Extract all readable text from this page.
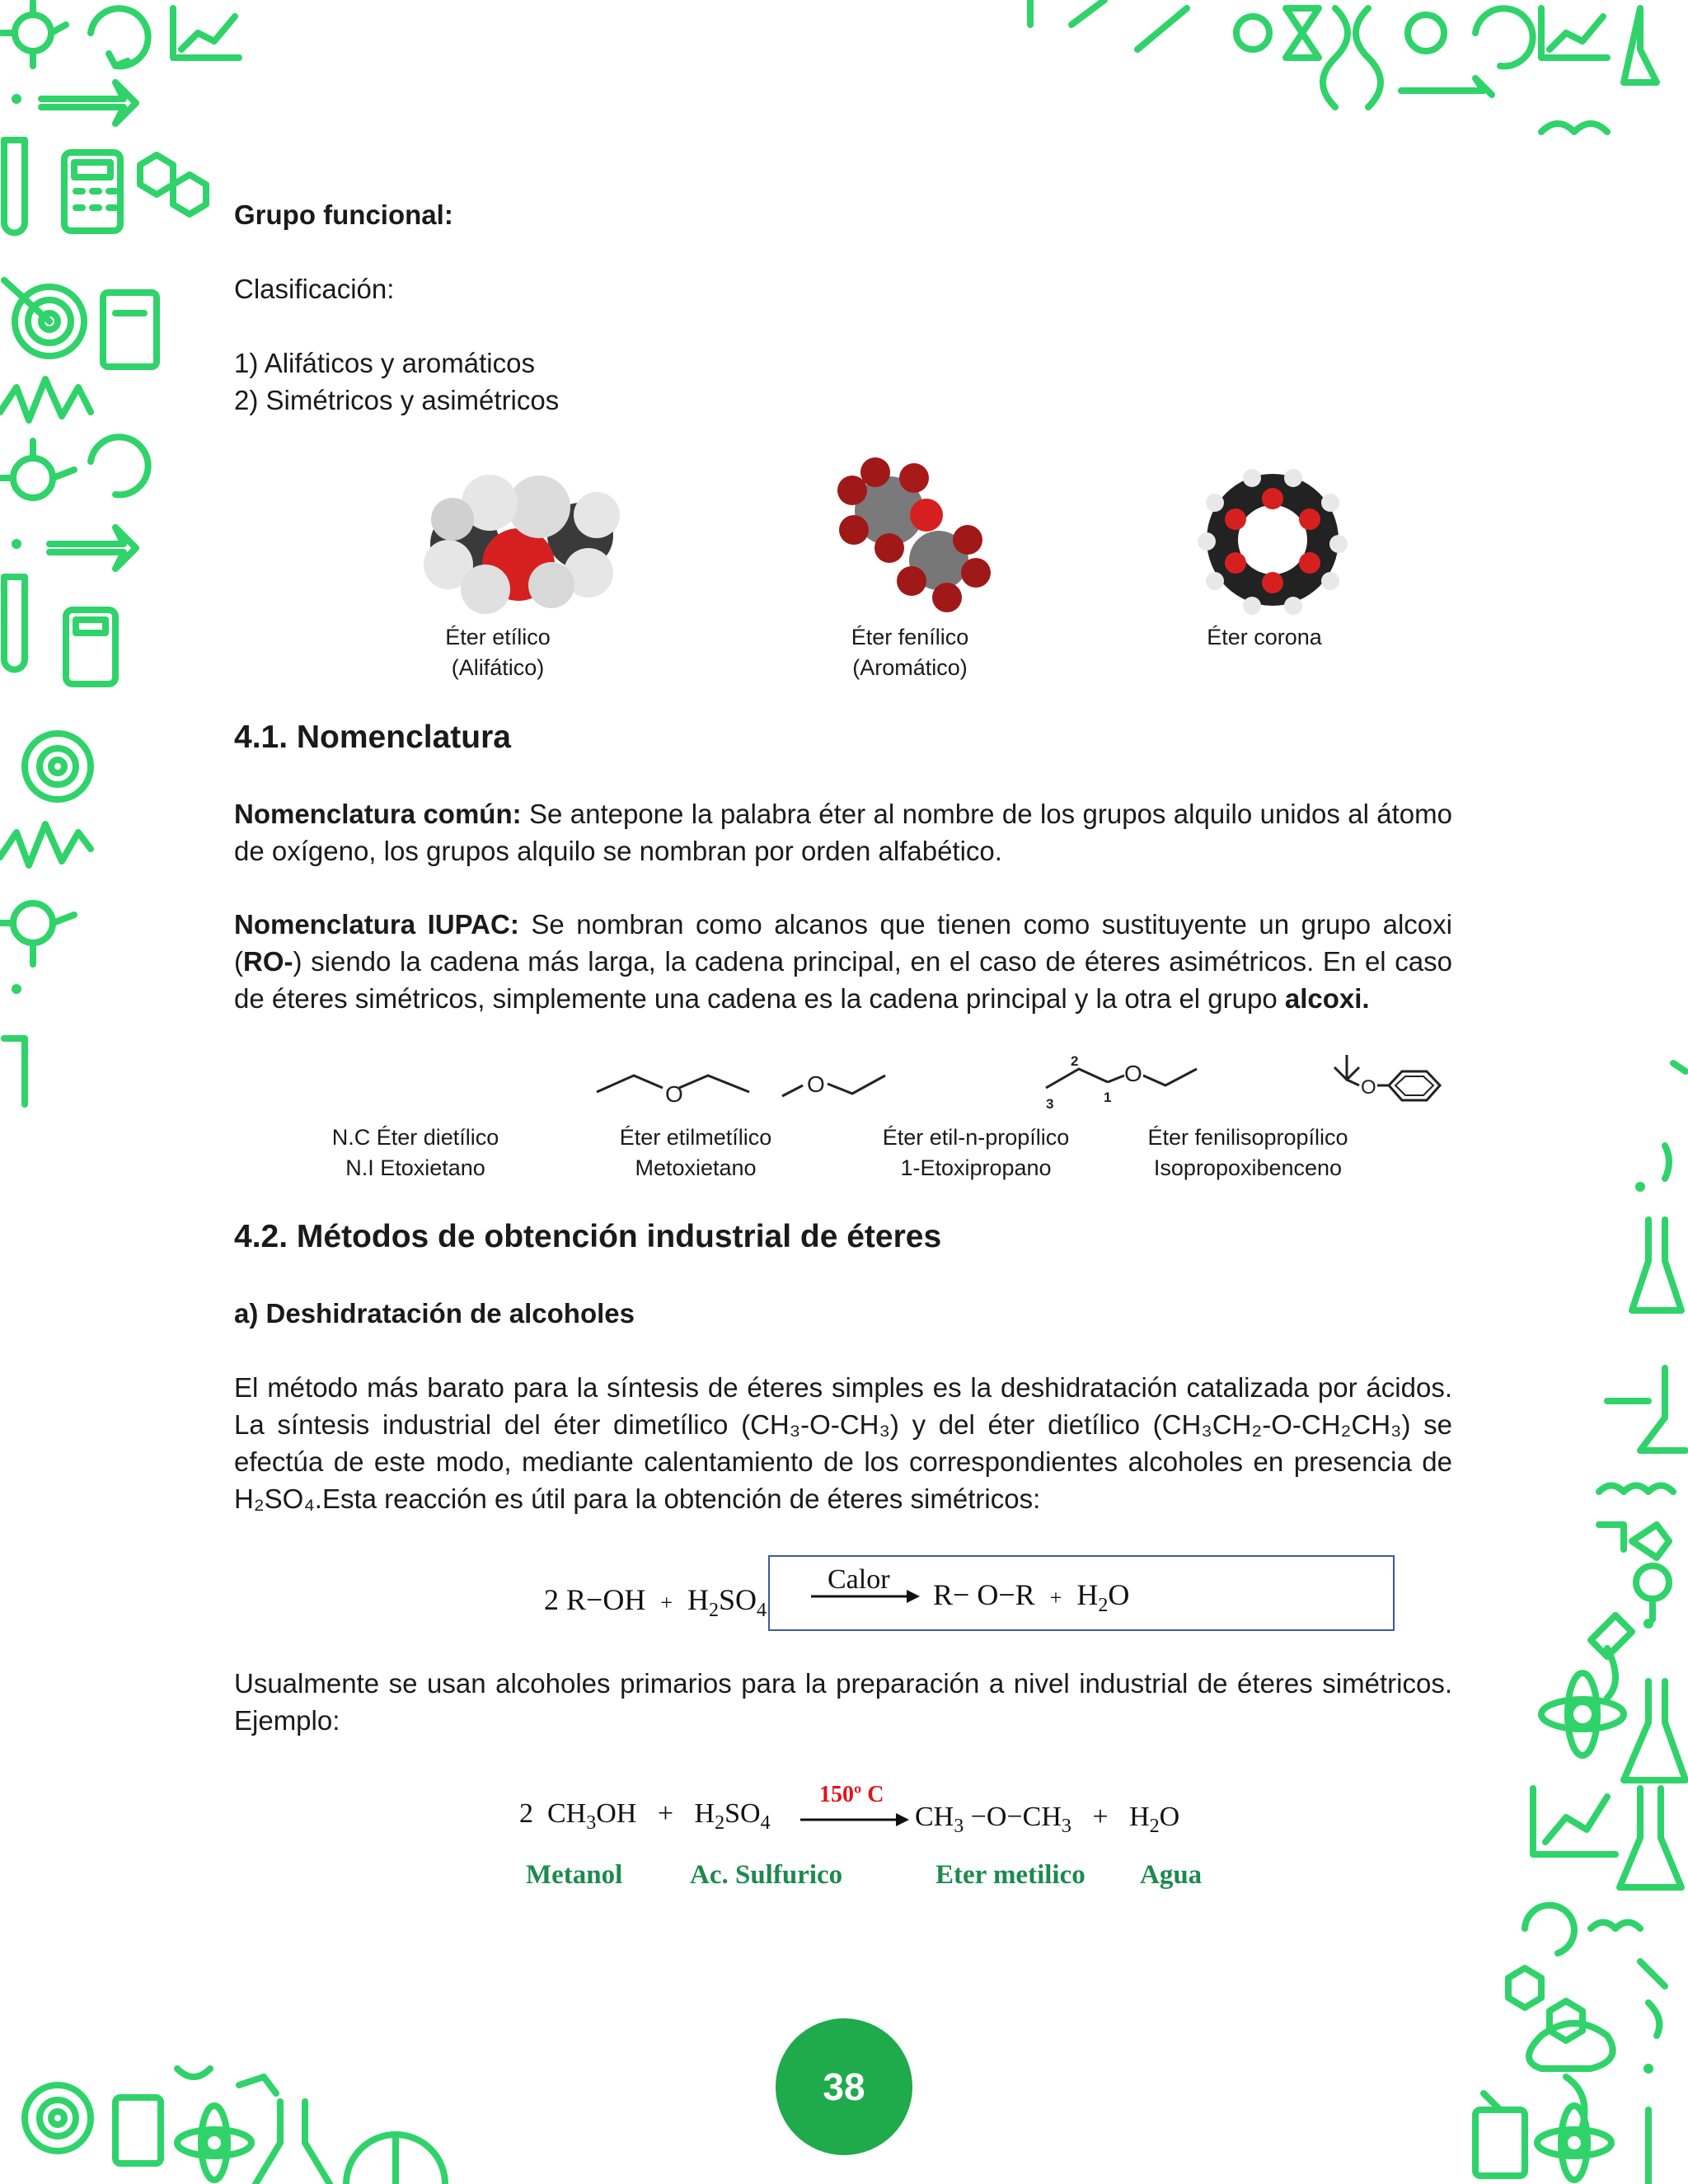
Grupo funcional:

Clasificación:

1) Alifáticos y aromáticos

2) Simétricos y asimétricos

Éter etílico
(Alifático)
Éter fenílico
(Aromático)
Éter corona
4.1. Nomenclatura

Nomenclatura común: Se antepone la palabra éter al nombre de los grupos alquilo unidos al átomo de oxígeno, los grupos alquilo se nombran por orden alfabético.

Nomenclatura IUPAC: Se nombran como alcanos que tienen como sustituyente un grupo alcoxi (RO-) siendo la cadena más larga, la cadena principal, en el caso de éteres asimétricos. En el caso de éteres simétricos, simplemente una cadena es la cadena principal y la otra el grupo alcoxi.

O	O	O
O
2
1
3
N.C Éter dietílico
N.I Etoxietano
Éter etilmetílico
Metoxietano
Éter etil-n-propílico
1-Etoxipropano
Éter fenilisopropílico
Isopropoxibenceno
4.2. Métodos de obtención industrial de éteres

a) Deshidratación de alcoholes

El método más barato para la síntesis de éteres simples es la deshidratación catalizada por ácidos. La síntesis industrial del éter dimetílico (CH₃-O-CH₃) y del éter dietílico (CH₃CH₂-O-CH₂CH₃) se efectúa de este modo, mediante calentamiento de los correspondientes alcoholes en presencia de H₂SO₄.Esta reacción es útil para la obtención de éteres simétricos:

2 $R-OH + H_2SO_4$
Calor $R- O-R + H_2O$

Usualmente se usan alcoholes primarios para la preparación a nivel industrial de éteres simétricos. Ejemplo:

2 $CH_3OH + H_2SO_4$
150º C
$CH_3 -O-CH_3 + H_2O$
Metanol Ac. Sulfurico	Eter metilico Agua
38
